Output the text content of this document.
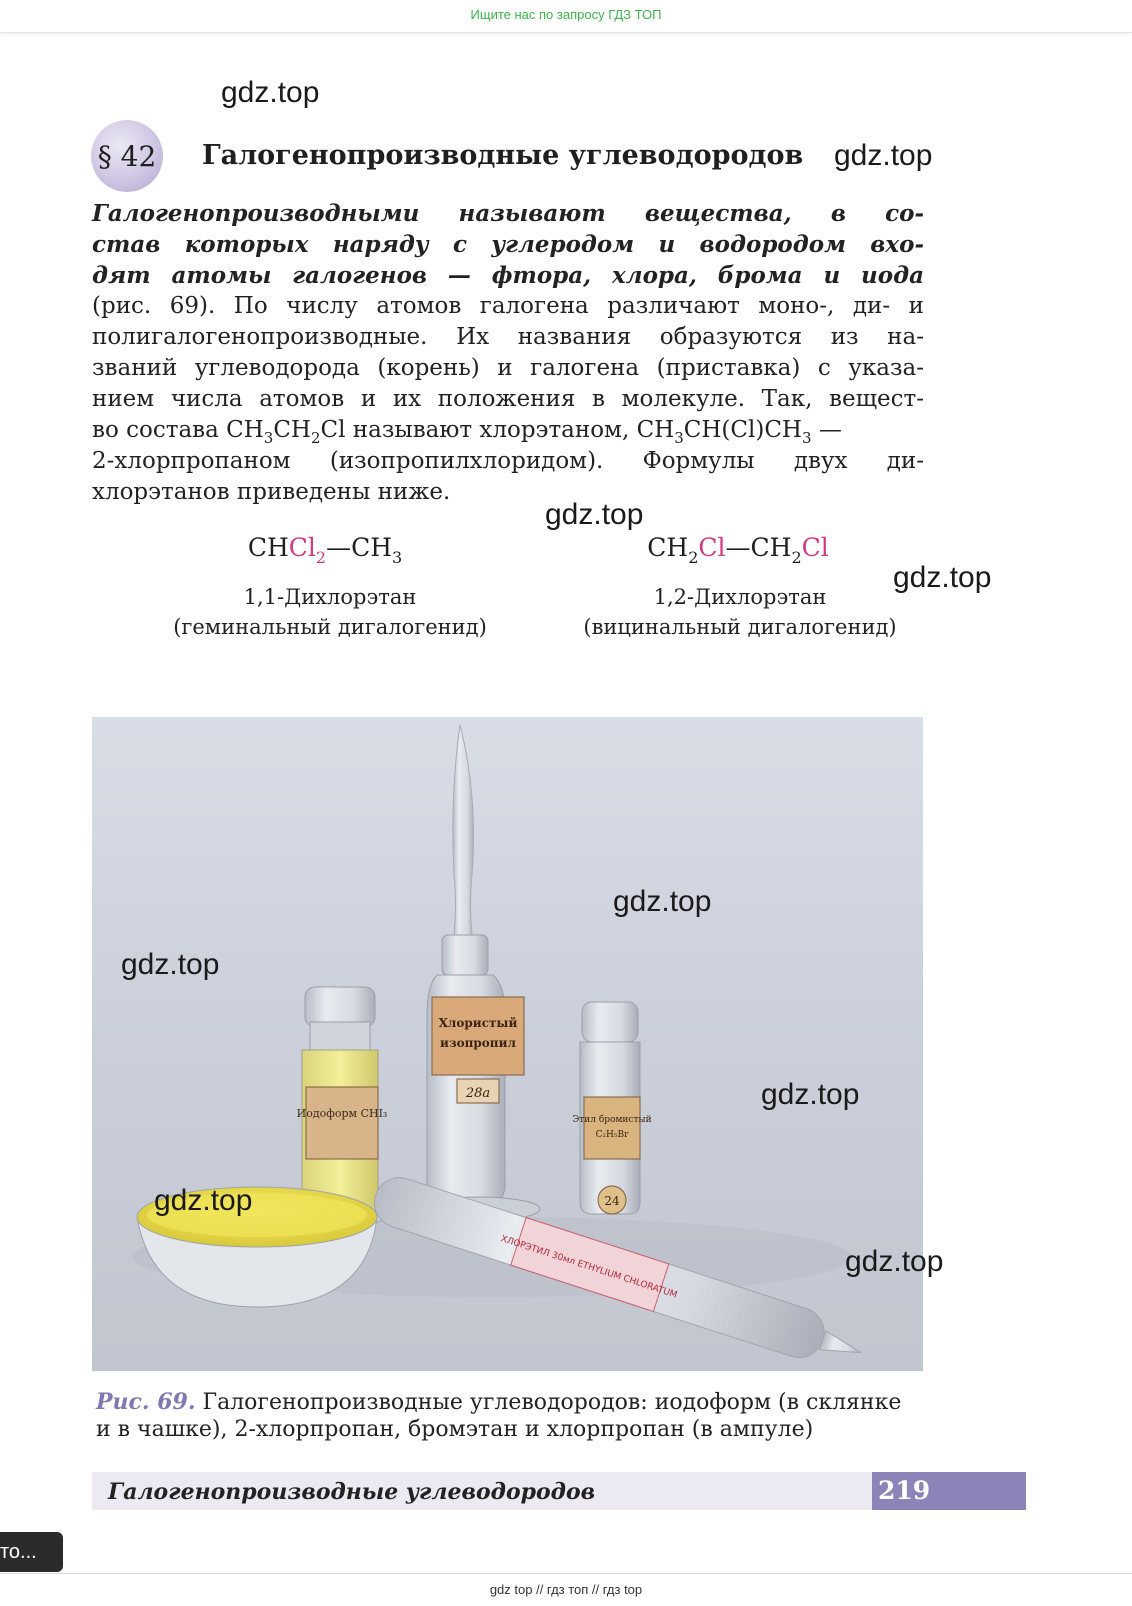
Ищите нас по запросу ГДЗ ТОП
gdz.top
gdz.top
gdz.top
gdz.top
§ 42 Галогенопроизводные углеводородов
Галогенопроизводными называют вещества, в со-
став которых наряду с углеродом и водородом вхо-
дят атомы галогенов — фтора, хлора, брома и иода
(рис. 69). По числу атомов галогена различают моно-, ди- и
полигалогенопроизводные. Их названия образуются из на-
званий углеводорода (корень) и галогена (приставка) с указа-
нием числа атомов и их положения в молекуле. Так, вещест-
во состава $CH_3CH_2Cl$ называют хлорэтаном, $CH_3CH(Cl)CH_3$ —
2-хлорпропаном (изопропилхлоридом). Формулы двух ди-
хлорэтанов приведены ниже.
$CHCl_2—CH_3$
1,1-Дихлорэтан
(геминальный дигалогенид)
$CH_2Cl—CH_2Cl$
1,2-Дихлорэтан
(вицинальный дигалогенид)
Иодоформ CHI₃
Хлористый
изопропил
28а
Этил бромистый
C₂H₅Br
24
ХЛОРЭТИЛ 30мл ETHYLIUM CHLORATUM
gdz.top
gdz.top
gdz.top
gdz.top
gdz.top
Рис. 69. Галогенопроизводные углеводородов: иодоформ (в склянке
и в чашке), 2-хлорпропан, бромэтан и хлорпропан (в ампуле)
Галогенопроизводные углеводородов	219
то...
gdz top // гдз топ // гдз top
